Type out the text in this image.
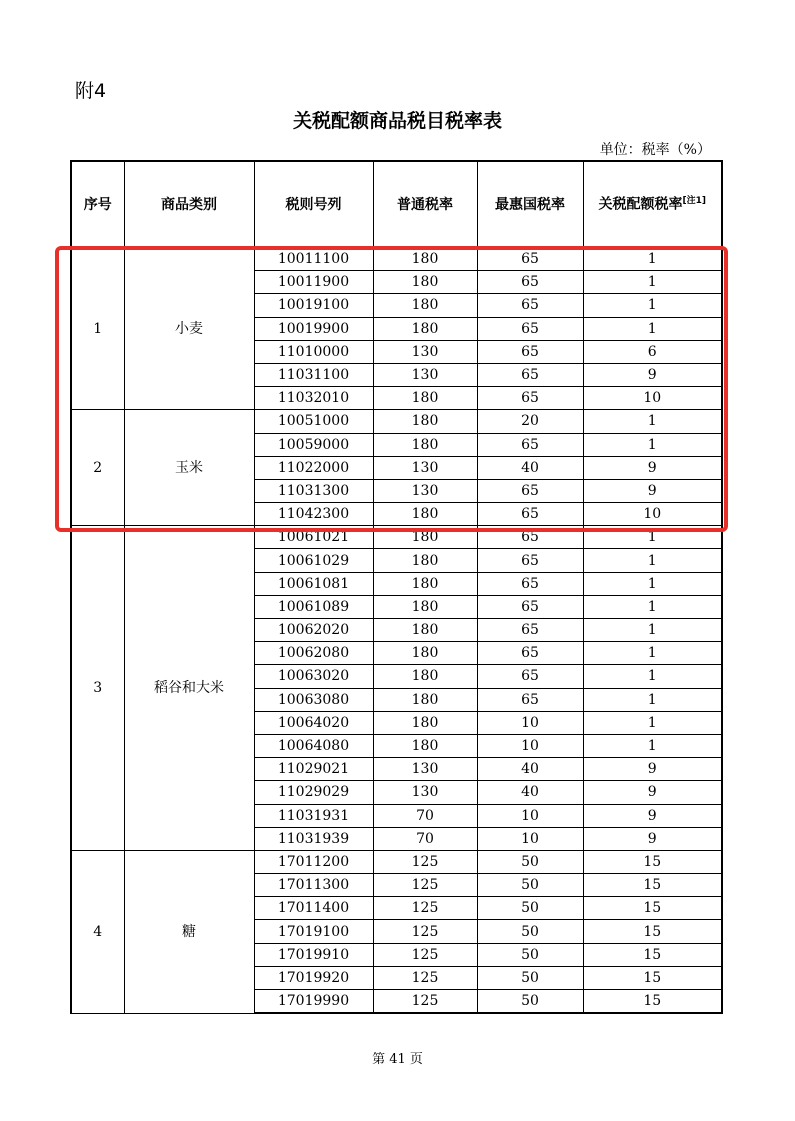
附4
关税配额商品税目税率表
单位：税率（%）
序号	商品类别	税则号列	普通税率	最惠国税率	关税配额税率[注1]
1	小麦	10011100	180	65	1
		10011900	180	65	1
		10019100	180	65	1
		10019900	180	65	1
		11010000	130	65	6
		11031100	130	65	9
		11032010	180	65	10
2	玉米	10051000	180	20	1
		10059000	180	65	1
		11022000	130	40	9
		11031300	130	65	9
		11042300	180	65	10
3	稻谷和大米	10061021	180	65	1
		10061029	180	65	1
		10061081	180	65	1
		10061089	180	65	1
		10062020	180	65	1
		10062080	180	65	1
		10063020	180	65	1
		10063080	180	65	1
		10064020	180	10	1
		10064080	180	10	1
		11029021	130	40	9
		11029029	130	40	9
		11031931	70	10	9
		11031939	70	10	9
4	糖	17011200	125	50	15
		17011300	125	50	15
		17011400	125	50	15
		17019100	125	50	15
		17019910	125	50	15
		17019920	125	50	15
		17019990	125	50	15
第 41 页
